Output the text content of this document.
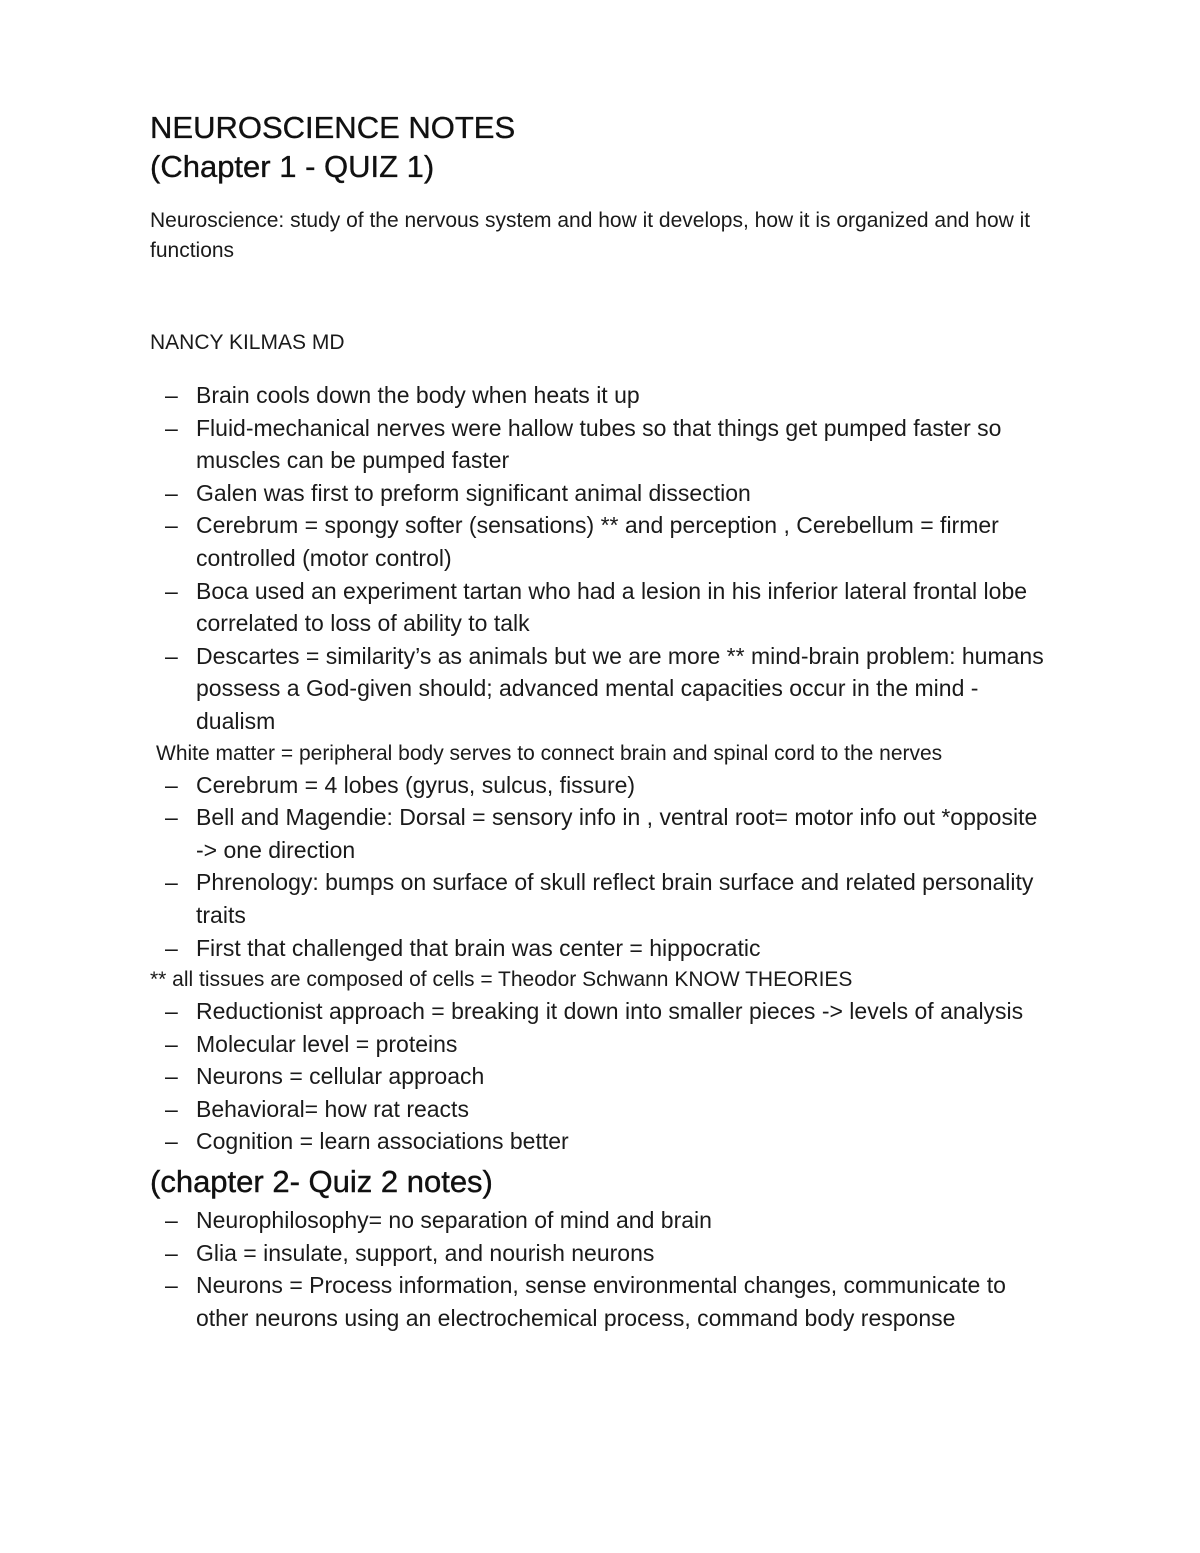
NEUROSCIENCE NOTES
(Chapter 1 - QUIZ 1)

Neuroscience: study of the nervous system and how it develops, how it is organized and how it functions

NANCY KILMAS MD

– Brain cools down the body when heats it up
– Fluid-mechanical nerves were hallow tubes so that things get pumped faster so muscles can be pumped faster
– Galen was first to preform significant animal dissection
– Cerebrum = spongy softer (sensations) ** and perception , Cerebellum = firmer controlled (motor control)
– Boca used an experiment tartan who had a lesion in his inferior lateral frontal lobe correlated to loss of ability to talk
– Descartes = similarity’s as animals but we are more ** mind-brain problem: humans possess a God-given should; advanced mental capacities occur in the mind -dualism

White matter = peripheral body serves to connect brain and spinal cord to the nerves

– Cerebrum = 4 lobes (gyrus, sulcus, fissure)
– Bell and Magendie: Dorsal = sensory info in , ventral root= motor info out *opposite -> one direction
– Phrenology: bumps on surface of skull reflect brain surface and related personality traits
– First that challenged that brain was center = hippocratic

** all tissues are composed of cells = Theodor Schwann KNOW THEORIES

– Reductionist approach = breaking it down into smaller pieces -> levels of analysis
– Molecular level = proteins
– Neurons = cellular approach
– Behavioral= how rat reacts
– Cognition = learn associations better
(chapter 2- Quiz 2 notes)
– Neurophilosophy= no separation of mind and brain
– Glia = insulate, support, and nourish neurons
– Neurons = Process information, sense environmental changes, communicate to other neurons using an electrochemical process, command body response
